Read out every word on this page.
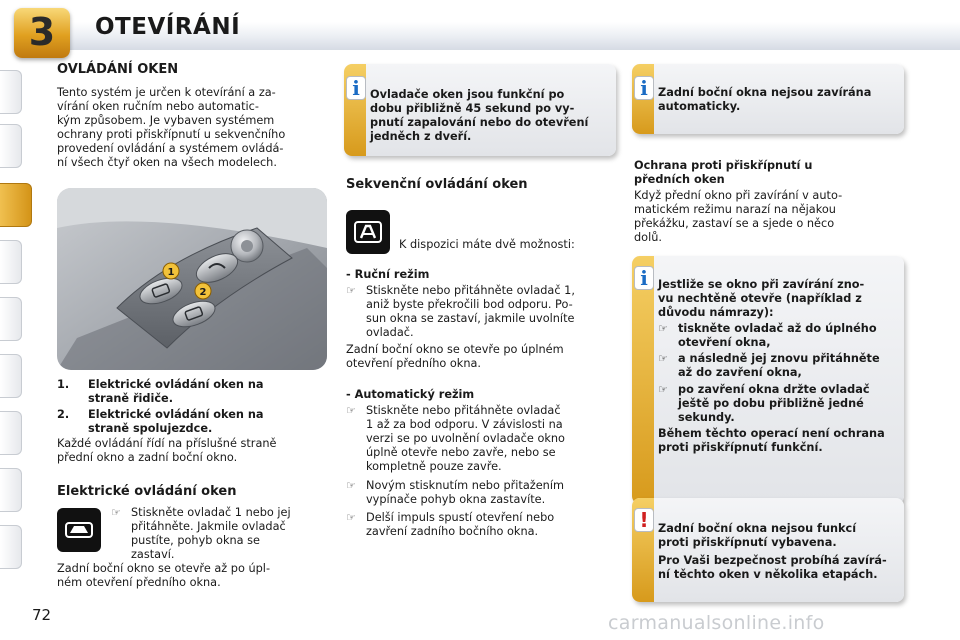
3	OTEVÍRÁNÍ
OVLÁDÁNÍ OKEN
Tento systém je určen k otevírání a za-
vírání oken ručním nebo automatic-
kým způsobem. Je vybaven systémem
ochrany proti přiskřípnutí u sekvenčního
provedení ovládání a systémem ovládá-
ní všech čtyř oken na všech modelech.
1
2
1. Elektrické ovládání oken na
straně řidiče.
2. Elektrické ovládání oken na
straně spolujezdce.
Každé ovládání řídí na příslušné straně
přední okno a zadní boční okno.
Elektrické ovládání oken
☞ Stiskněte ovladač 1 nebo jej
přitáhněte. Jakmile ovladač
pustíte, pohyb okna se
zastaví.
Zadní boční okno se otevře až po úpl-
ném otevření předního okna.
i Ovladače oken jsou funkční po
dobu přibližně 45 sekund po vy-
pnutí zapalování nebo do otevření
jedněch z dveří.
Sekvenční ovládání oken
K dispozici máte dvě možnosti:
- Ruční režim
☞ Stiskněte nebo přitáhněte ovladač 1,
aniž byste překročili bod odporu. Po-
sun okna se zastaví, jakmile uvolníte
ovladač.
Zadní boční okno se otevře po úplném
otevření předního okna.
- Automatický režim
☞ Stiskněte nebo přitáhněte ovladač
1 až za bod odporu. V závislosti na
verzi se po uvolnění ovladače okno
úplně otevře nebo zavře, nebo se
kompletně pouze zavře.
☞ Novým stisknutím nebo přitažením
vypínače pohyb okna zastavíte.
☞ Delší impuls spustí otevření nebo
zavření zadního bočního okna.
i Zadní boční okna nejsou zavírána
automaticky.
Ochrana proti přiskřípnutí u
předních oken
Když přední okno při zavírání v auto-
matickém režimu narazí na nějakou
překážku, zastaví se a sjede o něco
dolů.
i Jestliže se okno při zavírání zno-
vu nechtěně otevře (například z
důvodu námrazy):
☞ tiskněte ovladač až do úplného
otevření okna,
☞ a následně jej znovu přitáhněte
až do zavření okna,
☞ po zavření okna držte ovladač
ještě po dobu přibližně jedné
sekundy.
Během těchto operací není ochrana
proti přiskřípnutí funkční.
! Zadní boční okna nejsou funkcí
proti přiskřípnutí vybavena.
Pro Vaši bezpečnost probíhá zavírá-
ní těchto oken v několika etapách.
72	carmanualsonline.info
